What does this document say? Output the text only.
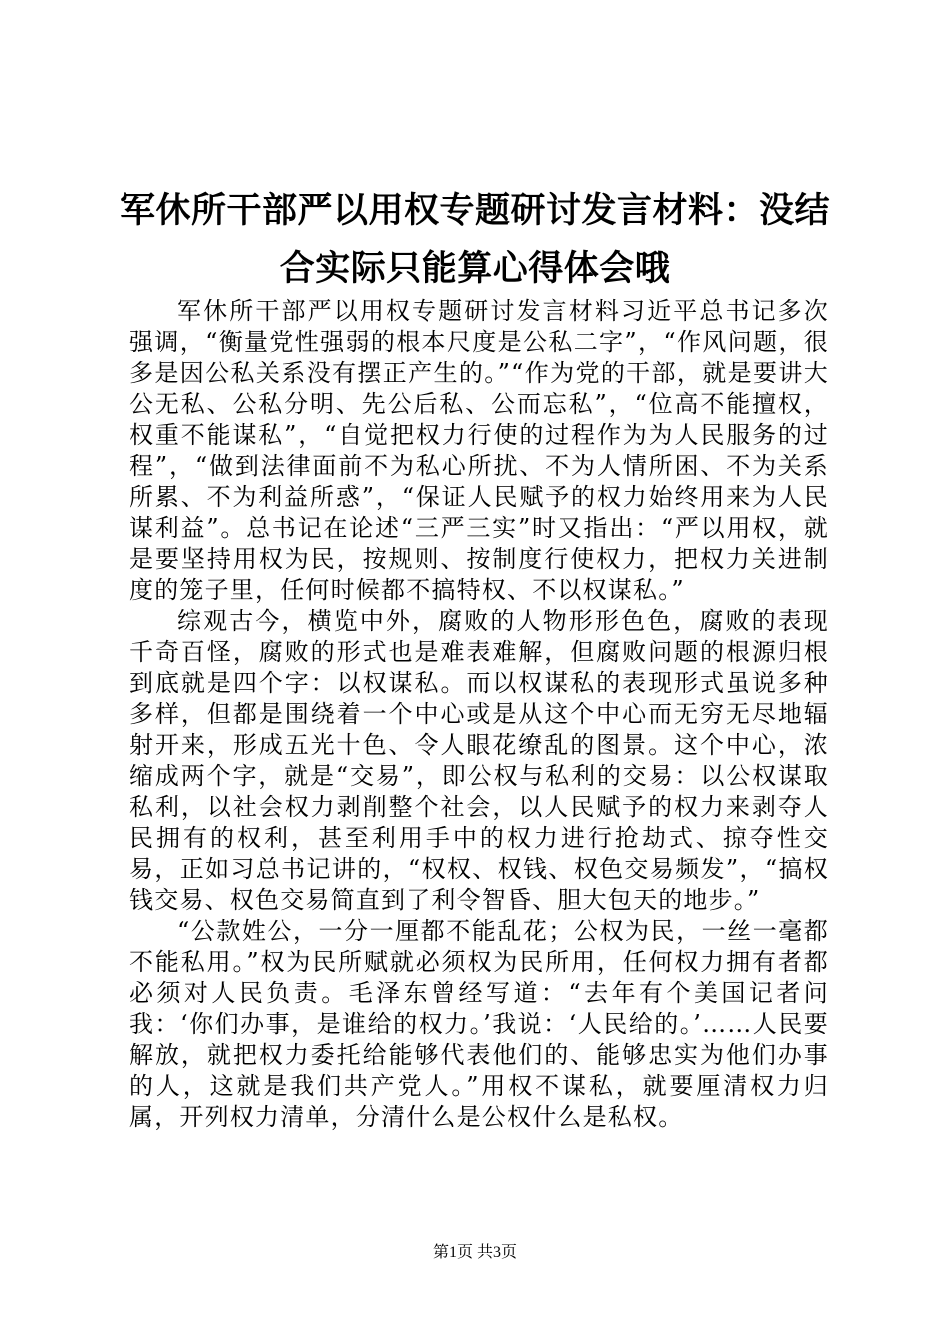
军休所干部严以用权专题研讨发言材料：没结合实际只能算心得体会哦

军休所干部严以用权专题研讨发言材料习近平总书记多次强调，“衡量党性强弱的根本尺度是公私二字”，“作风问题，很多是因公私关系没有摆正产生的。”“作为党的干部，就是要讲大公无私、公私分明、先公后私、公而忘私”，“位高不能擅权，权重不能谋私”，“自觉把权力行使的过程作为为人民服务的过程”，“做到法律面前不为私心所扰、不为人情所困、不为关系所累、不为利益所惑”，“保证人民赋予的权力始终用来为人民谋利益”。总书记在论述“三严三实”时又指出：“严以用权，就是要坚持用权为民，按规则、按制度行使权力，把权力关进制度的笼子里，任何时候都不搞特权、不以权谋私。”

综观古今，横览中外，腐败的人物形形色色，腐败的表现千奇百怪，腐败的形式也是难表难解，但腐败问题的根源归根到底就是四个字：以权谋私。而以权谋私的表现形式虽说多种多样，但都是围绕着一个中心或是从这个中心而无穷无尽地辐射开来，形成五光十色、令人眼花缭乱的图景。这个中心，浓缩成两个字，就是“交易”，即公权与私利的交易：以公权谋取私利，以社会权力剥削整个社会，以人民赋予的权力来剥夺人民拥有的权利，甚至利用手中的权力进行抢劫式、掠夺性交易，正如习总书记讲的，“权权、权钱、权色交易频发”，“搞权钱交易、权色交易简直到了利令智昏、胆大包天的地步。”

“公款姓公，一分一厘都不能乱花；公权为民，一丝一毫都不能私用。”权为民所赋就必须权为民所用，任何权力拥有者都必须对人民负责。毛泽东曾经写道：“去年有个美国记者问我：‘你们办事，是谁给的权力。’我说：‘人民给的。’……人民要解放，就把权力委托给能够代表他们的、能够忠实为他们办事的人，这就是我们共产党人。”用权不谋私，就要厘清权力归属，开列权力清单，分清什么是公权什么是私权。

第1页 共3页
